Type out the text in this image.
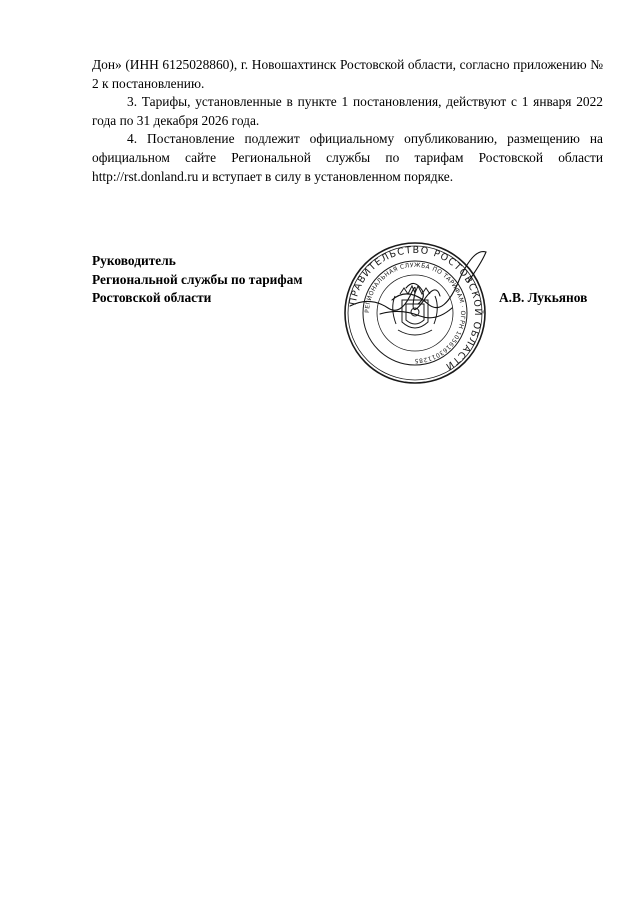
Дон» (ИНН 6125028860), г. Новошахтинск Ростовской области, согласно приложению № 2 к постановлению.

3. Тарифы, установленные в пункте 1 постановления, действуют с 1 января 2022 года по 31 декабря 2026 года.

4. Постановление подлежит официальному опубликованию, размещению на официальном сайте Региональной службы по тарифам Ростовской области http://rst.donland.ru и вступает в силу в установленном порядке.

Руководитель
Региональной службы по тарифам
Ростовской области	А.В. Лукьянов
ПРАВИТЕЛЬСТВО РОСТОВСКОЙ ОБЛАСТИ
РЕГИОНАЛЬНАЯ СЛУЖБА ПО ТАРИФАМ · ОГРН 1056163011285
